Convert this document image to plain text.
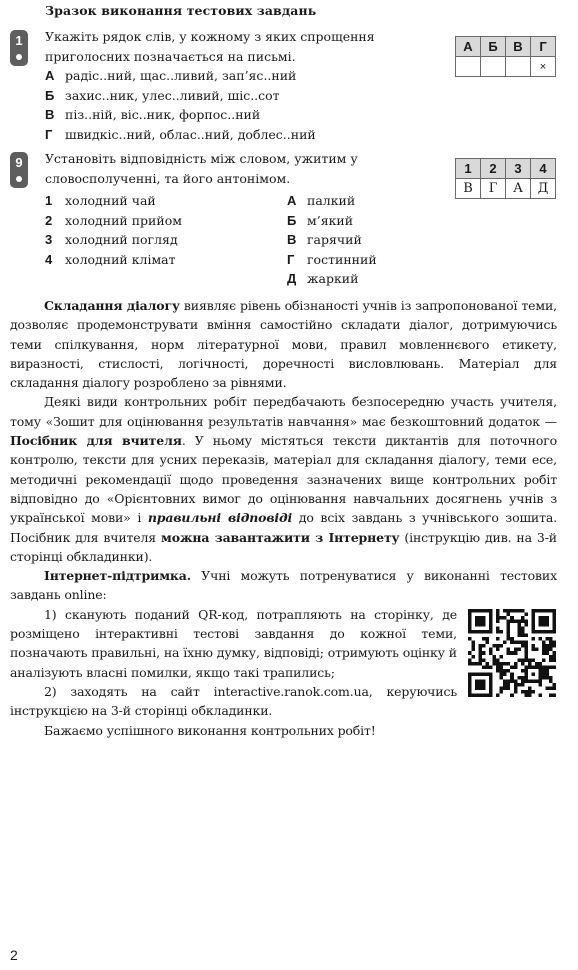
Зразок виконання тестових завдань
1	Укажіть рядок слів, у кожному з яких спрощення приголосних позначається на письмі.
А радіс..ний, щас..ливий, зап’яс..ний
Б захис..ник, улес..ливий, шіс..сот
В піз..ній, віс..ник, форпос..ний
Г швидкіс..ний, облас..ний, доблес..ний
А	Б	В	Г
			×
9	Установіть відповідність між словом, ужитим у словосполученні, та його антонімом.
1	2	3	4
В	Г	А	Д
1 холодний чай
2 холодний прийом
3 холодний погляд
4 холодний клімат
А палкий
Б м’який
В гарячий
Г гостинний
Д жаркий

Складання діалогу виявляє рівень обізнаності учнів із запропонованої теми, дозволяє продемонструвати вміння самостійно складати діалог, дотримуючись теми спілкування, норм літературної мови, правил мовленнєвого етикету, виразності, стислості, логічності, доречності висловлювань. Матеріал для складання діалогу розроблено за рівнями.

Деякі види контрольних робіт передбачають безпосередню участь учителя, тому «Зошит для оцінювання результатів навчання» має безкоштовний додаток — Посібник для вчителя. У ньому містяться тексти диктантів для поточного контролю, тексти для усних переказів, матеріал для складання діалогу, теми есе, методичні рекомендації щодо проведення зазначених вище контрольних робіт відповідно до «Орієнтовних вимог до оцінювання навчальних досягнень учнів з української мови» і правильні відповіді до всіх завдань з учнівського зошита. Посібник для вчителя можна завантажити з Інтернету (інструкцію див. на 3-й сторінці обкладинки).

Інтернет-підтримка. Учні можуть потренуватися у виконанні тестових завдань online:

1) сканують поданий QR-код, потрапляють на сторінку, де розміщено інтерактивні тестові завдання до кожної теми, позначають правильні, на їхню думку, відповіді; отримують оцінку й аналізують власні помилки, якщо такі трапились;

2) заходять на сайт interactive.ranok.com.ua, керуючись інструкцією на 3-й сторінці обкладинки.

Бажаємо успішного виконання контрольних робіт!

2
